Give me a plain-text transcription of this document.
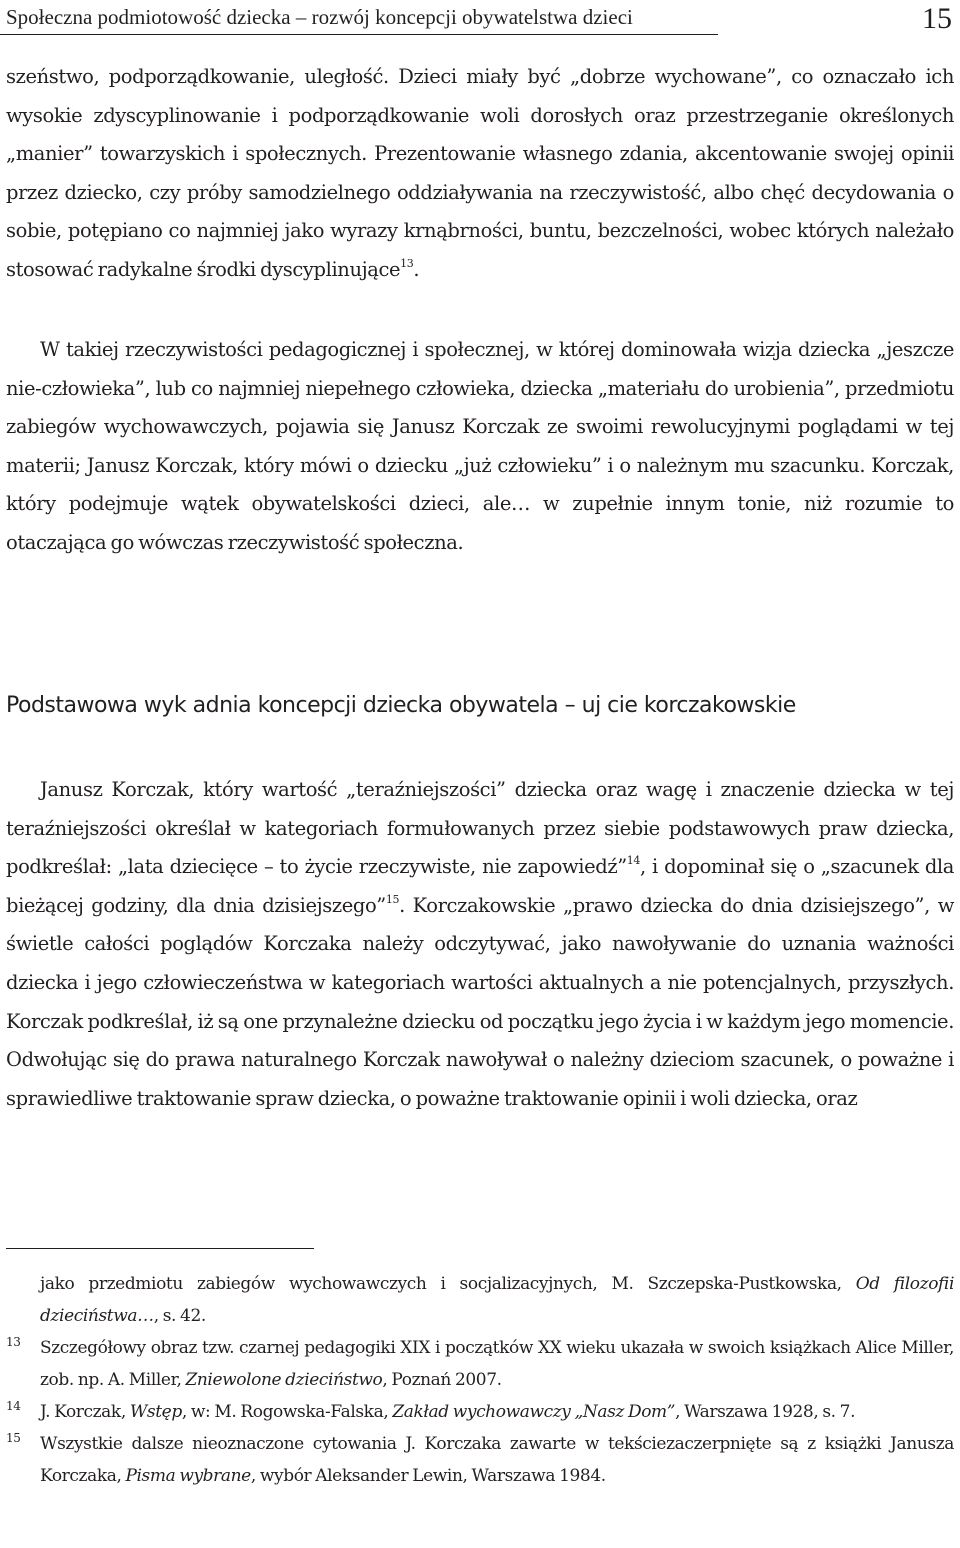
Społeczna podmiotowość dziecka – rozwój koncepcji obywatelstwa dzieci	15
szeństwo, podporządkowanie, uległość. Dzieci miały być „dobrze wychowane”, co oznaczało ich wysokie zdyscyplinowanie i podporządkowanie woli dorosłych oraz przestrzeganie określonych „manier” towarzyskich i społecznych. Prezentowanie własnego zdania, akcentowanie swojej opinii przez dziecko, czy próby samodzielnego oddziaływania na rzeczywistość, albo chęć decydowania o sobie, potępiano co najmniej jako wyrazy krnąbrności, buntu, bezczelności, wobec których należało stosować radykalne środki dyscyplinujące$^{13}$.
W takiej rzeczywistości pedagogicznej i społecznej, w której dominowała wizja dziecka „jeszcze nie-człowieka”, lub co najmniej niepełnego człowieka, dziecka „materiału do urobienia”, przedmiotu zabiegów wychowawczych, pojawia się Janusz Korczak ze swoimi rewolucyjnymi poglądami w tej materii; Janusz Korczak, który mówi o dziecku „już człowieku” i o należnym mu szacunku. Korczak, który podejmuje wątek obywatelskości dzieci, ale… w zupełnie innym tonie, niż rozumie to otaczająca go wówczas rzeczywistość społeczna.
Podstawowa wyk adnia koncepcji dziecka obywatela – uj cie korczakowskie
Janusz Korczak, który wartość „teraźniejszości” dziecka oraz wagę i znaczenie dziecka w tej teraźniejszości określał w kategoriach formułowanych przez siebie podstawowych praw dziecka, podkreślał: „lata dziecięce – to życie rzeczywiste, nie zapowiedź”$^{14}$, i dopominał się o „szacunek dla bieżącej godziny, dla dnia dzisiejszego”$^{15}$. Korczakowskie „prawo dziecka do dnia dzisiejszego”, w świetle całości poglądów Korczaka należy odczytywać, jako nawoływanie do uznania ważności dziecka i jego człowieczeństwa w kategoriach wartości aktualnych a nie potencjalnych, przyszłych. Korczak podkreślał, iż są one przynależne dziecku od początku jego życia i w każdym jego momencie. Odwołując się do prawa naturalnego Korczak nawoływał o należny dzieciom szacunek, o poważne i sprawiedliwe traktowanie spraw dziecka, o poważne traktowanie opinii i woli dziecka, oraz

jako przedmiotu zabiegów wychowawczych i socjalizacyjnych, M. Szczepska-Pustkowska, Od filozofii dzieciństwa…, s. 42.

13 Szczegółowy obraz tzw. czarnej pedagogiki XIX i początków XX wieku ukazała w swoich książkach Alice Miller, zob. np. A. Miller, Zniewolone dzieciństwo, Poznań 2007.

14 J. Korczak, Wstęp, w: M. Rogowska-Falska, Zakład wychowawczy „Nasz Dom”, Warszawa 1928, s. 7.

15 Wszystkie dalsze nieoznaczone cytowania J. Korczaka zawarte w tekściezaczerpnięte są z książki Janusza Korczaka, Pisma wybrane, wybór Aleksander Lewin, Warszawa 1984.
